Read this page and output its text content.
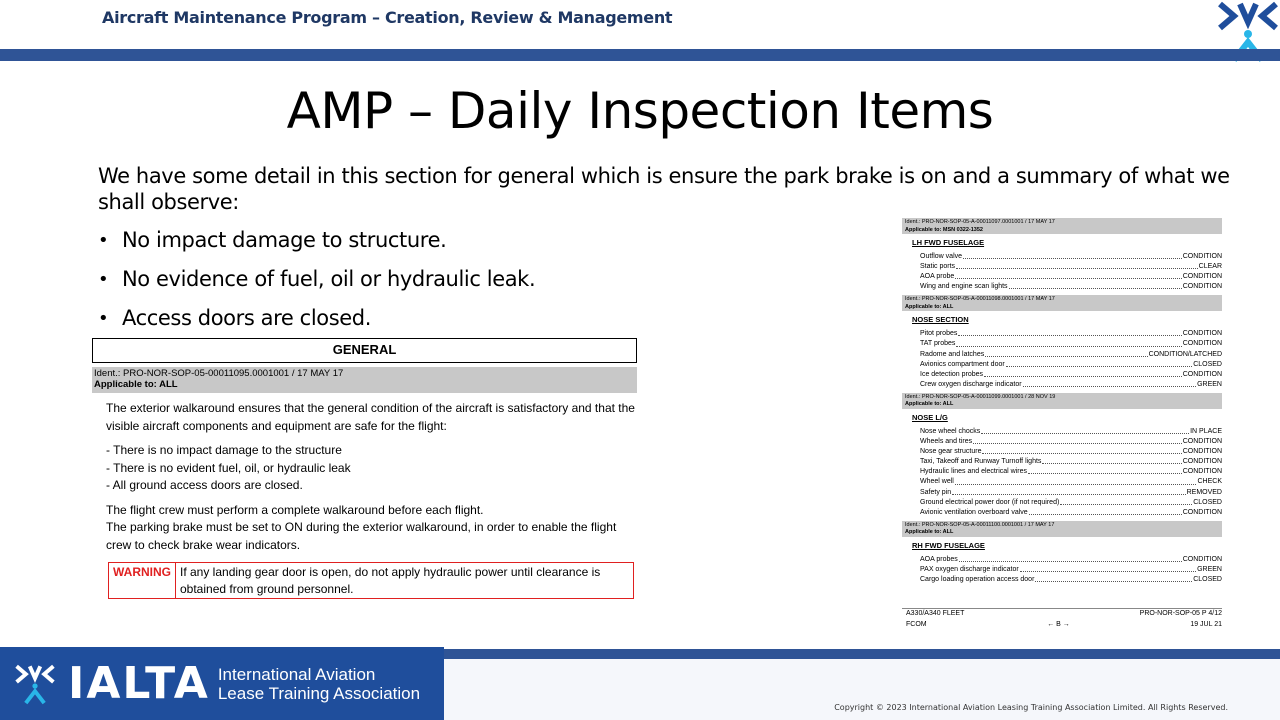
Aircraft Maintenance Program – Creation, Review & Management
AMP – Daily Inspection Items

We have some detail in this section for general which is ensure the park brake is on and a summary of what we shall observe:

• No impact damage to structure.
• No evidence of fuel, oil or hydraulic leak.
• Access doors are closed.
GENERAL
Ident.: PRO-NOR-SOP-05-00011095.0001001 / 17 MAY 17
Applicable to: ALL

The exterior walkaround ensures that the general condition of the aircraft is satisfactory and that the visible aircraft components and equipment are safe for the flight:

- There is no impact damage to the structure
- There is no evident fuel, oil, or hydraulic leak
- All ground access doors are closed.
The flight crew must perform a complete walkaround before each flight.
The parking brake must be set to ON during the exterior walkaround, in order to enable the flight crew to check brake wear indicators.
WARNING If any landing gear door is open, do not apply hydraulic power until clearance is obtained from ground personnel.
Ident.: PRO-NOR-SOP-05-A-00011097.0001001 / 17 MAY 17
Applicable to: MSN 0322-1352
LH FWD FUSELAGE
Outflow valve	CONDITION
Static ports	CLEAR
AOA probe	CONDITION
Wing and engine scan lights	CONDITION
Ident.: PRO-NOR-SOP-05-A-00011098.0001001 / 17 MAY 17
Applicable to: ALL
NOSE SECTION
Pitot probes	CONDITION
TAT probes	CONDITION
Radome and latches	CONDITION/LATCHED
Avionics compartment door	CLOSED
Ice detection probes	CONDITION
Crew oxygen discharge indicator	GREEN
Ident.: PRO-NOR-SOP-05-A-00011099.0001001 / 28 NOV 19
Applicable to: ALL
NOSE L/G
Nose wheel chocks	IN PLACE
Wheels and tires	CONDITION
Nose gear structure	CONDITION
Taxi, Takeoff and Runway Turnoff lights	CONDITION
Hydraulic lines and electrical wires	CONDITION
Wheel well	CHECK
Safety pin	REMOVED
Ground electrical power door (if not required)	CLOSED
Avionic ventilation overboard valve	CONDITION
Ident.: PRO-NOR-SOP-05-A-00011100.0001001 / 17 MAY 17
Applicable to: ALL
RH FWD FUSELAGE
AOA probes	CONDITION
PAX oxygen discharge indicator	GREEN
Cargo loading operation access door	CLOSED
A330/A340 FLEET	PRO-NOR-SOP-05 P 4/12
FCOM	← B →	19 JUL 21
IALTA International Aviation
Lease Training Association
Copyright © 2023 International Aviation Leasing Training Association Limited. All Rights Reserved.
